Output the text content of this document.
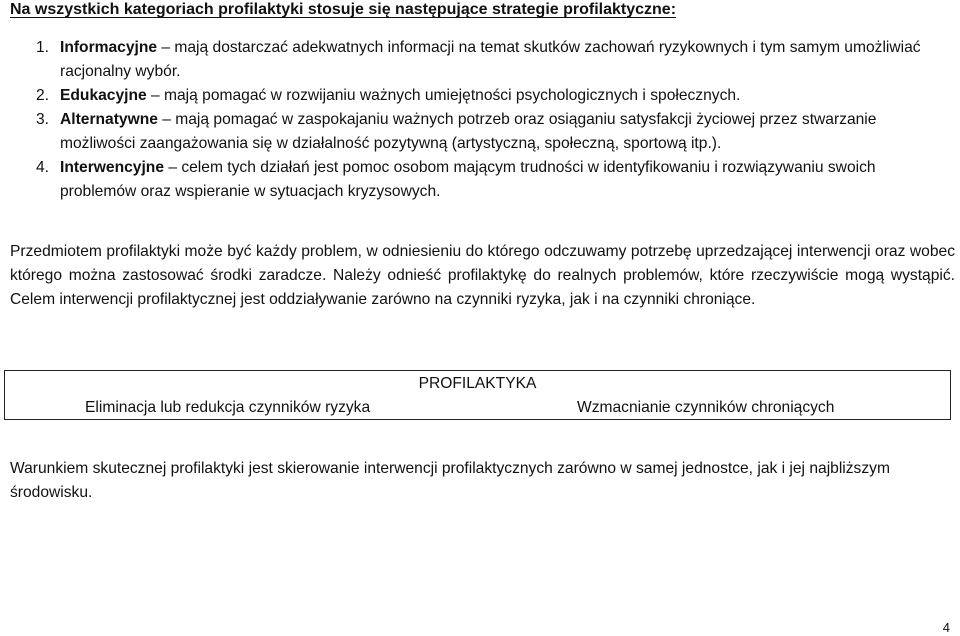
Na wszystkich kategoriach profilaktyki stosuje się następujące strategie profilaktyczne:
1. Informacyjne – mają dostarczać adekwatnych informacji na temat skutków zachowań ryzykownych i tym samym umożliwiać racjonalny wybór.
2. Edukacyjne – mają pomagać w rozwijaniu ważnych umiejętności psychologicznych i społecznych.
3. Alternatywne – mają pomagać w zaspokajaniu ważnych potrzeb oraz osiąganiu satysfakcji życiowej przez stwarzanie możliwości zaangażowania się w działalność pozytywną (artystyczną, społeczną, sportową itp.).
4. Interwencyjne – celem tych działań jest pomoc osobom mającym trudności w identyfikowaniu i rozwiązywaniu swoich problemów oraz wspieranie w sytuacjach kryzysowych.

Przedmiotem profilaktyki może być każdy problem, w odniesieniu do którego odczuwamy potrzebę uprzedzającej interwencji oraz wobec którego można zastosować środki zaradcze. Należy odnieść profilaktykę do realnych problemów, które rzeczywiście mogą wystąpić. Celem interwencji profilaktycznej jest oddziaływanie zarówno na czynniki ryzyka, jak i na czynniki chroniące.

PROFILAKTYKA
Eliminacja lub redukcja czynników ryzyka	Wzmacnianie czynników chroniących

Warunkiem skutecznej profilaktyki jest skierowanie interwencji profilaktycznych zarówno w samej jednostce, jak i jej najbliższym środowisku.

4
